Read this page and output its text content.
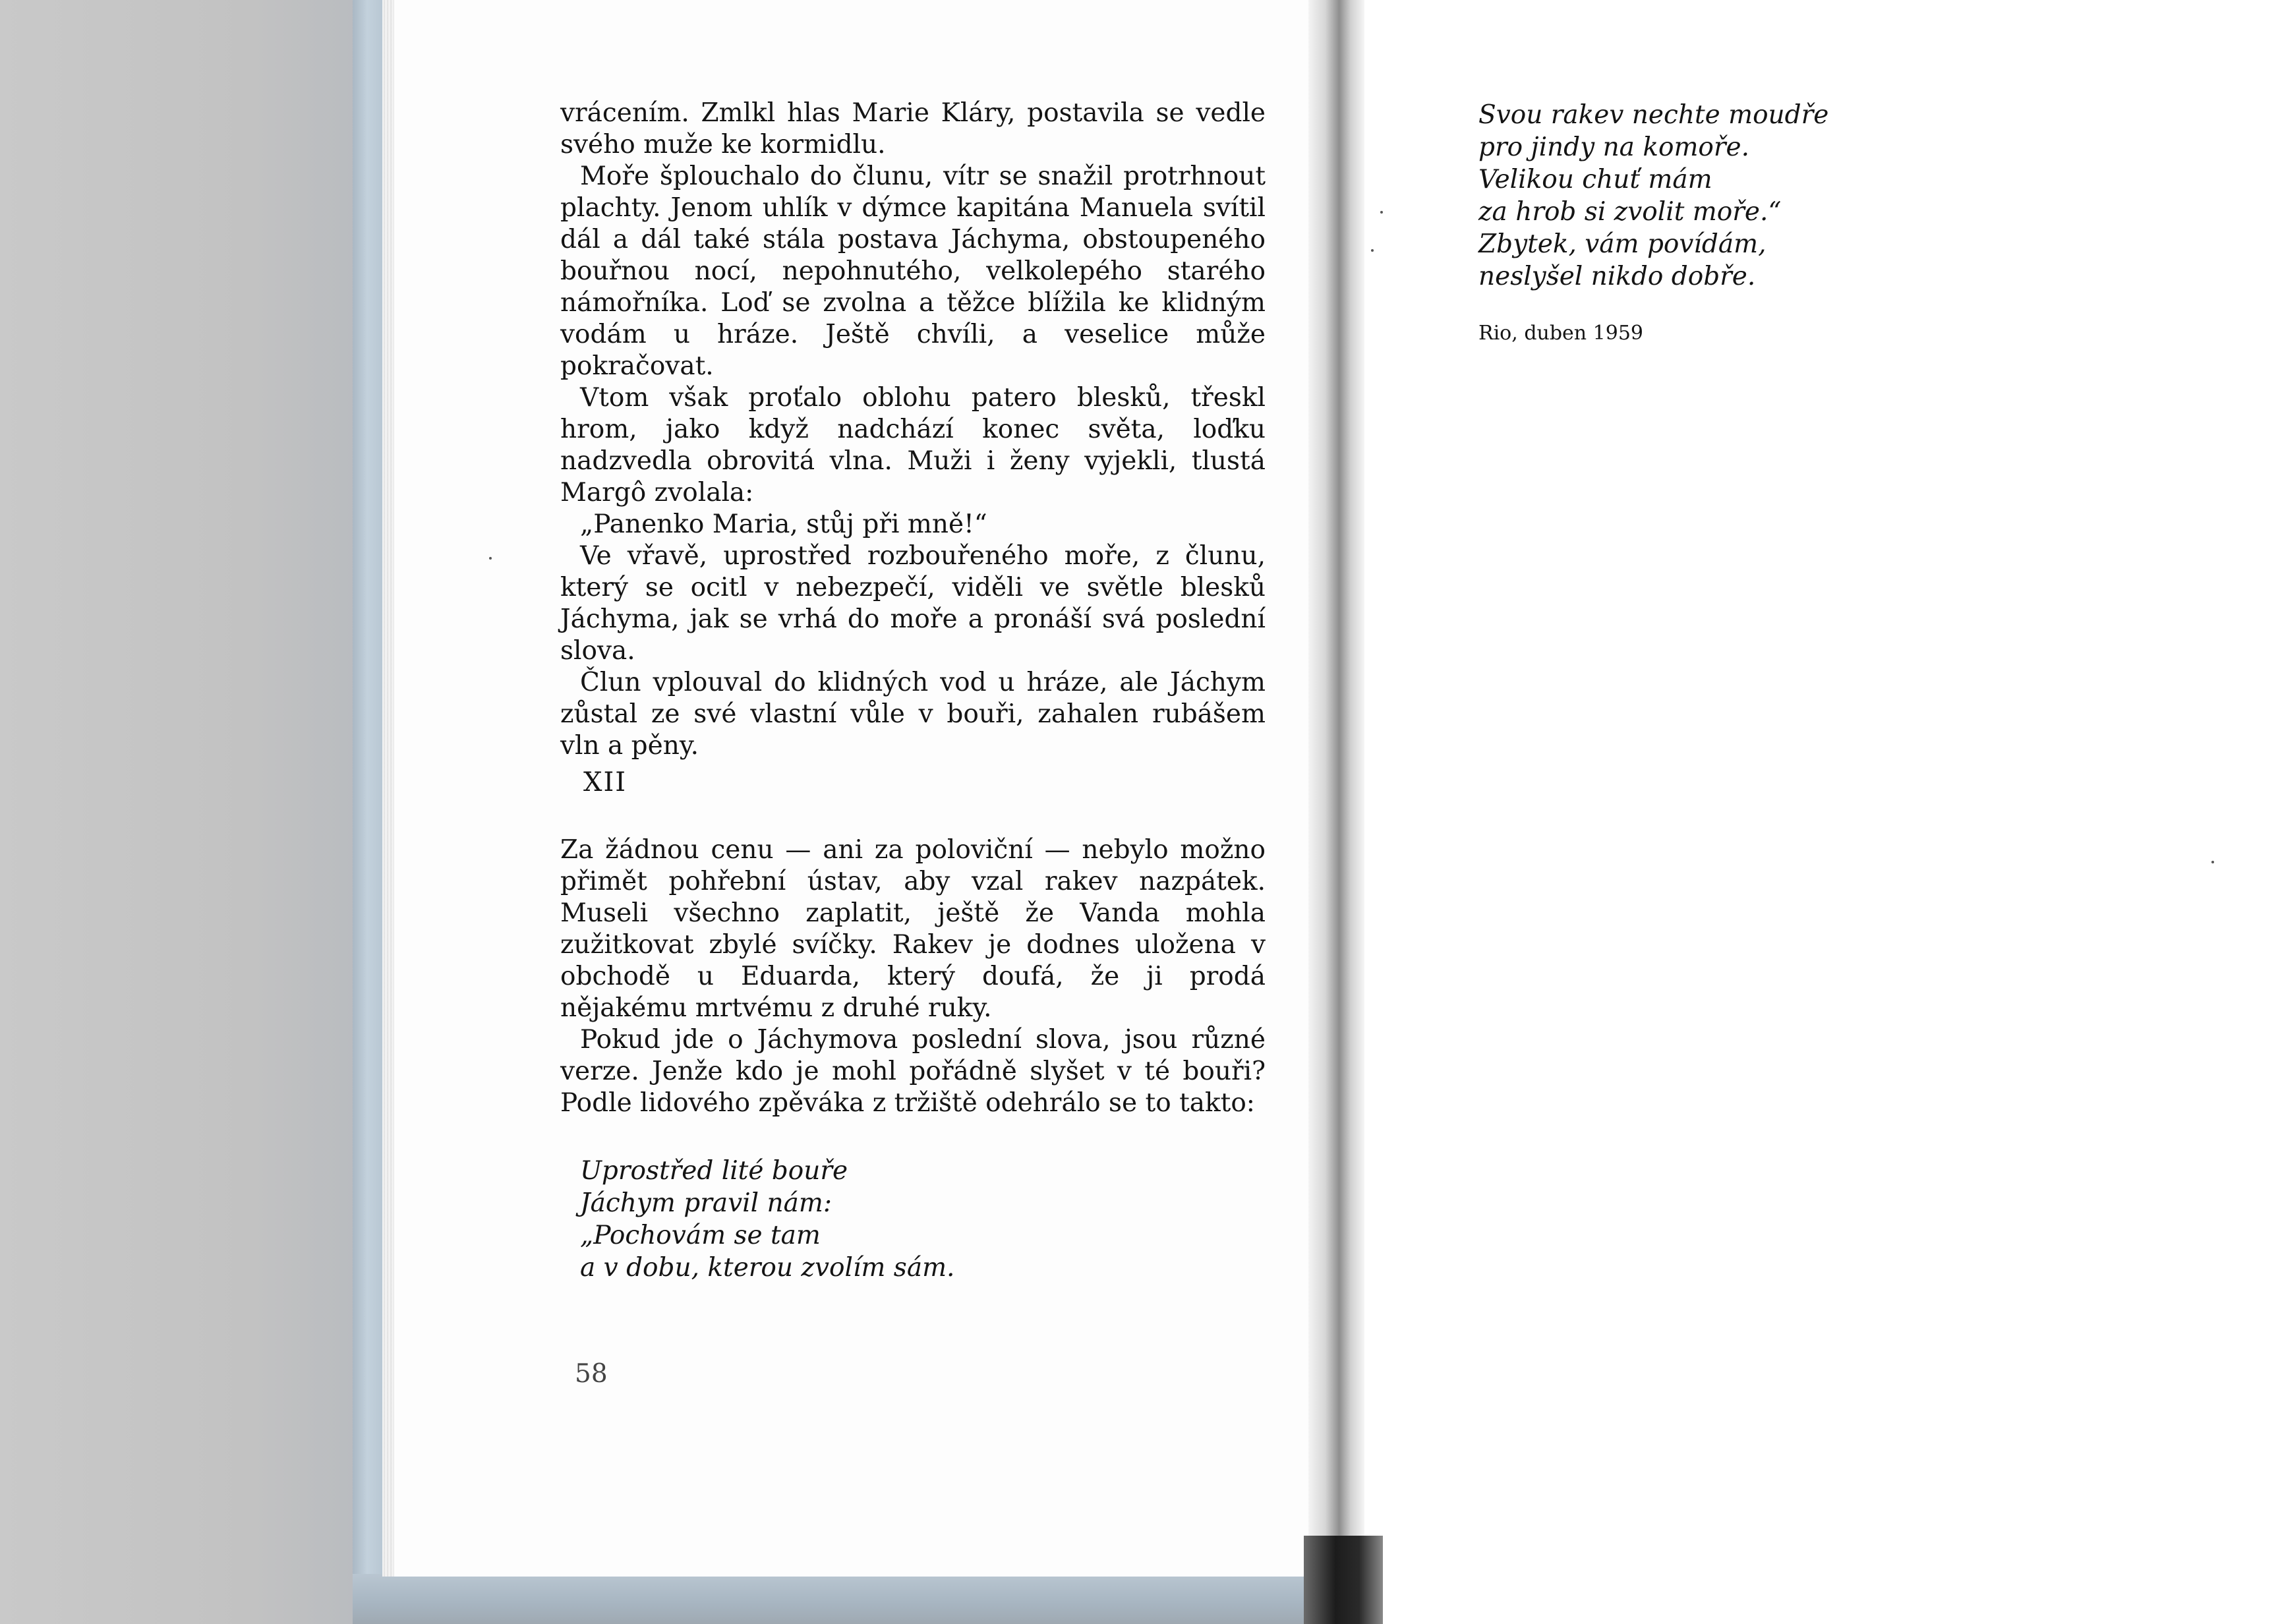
vrácením. Zmlkl hlas Marie Kláry, postavila se vedle svého muže ke kormidlu.

Moře šplouchalo do člunu, vítr se snažil protrhnout plachty. Jenom uhlík v dýmce kapitána Manuela svítil dál a dál také stála postava Jáchyma, obstoupeného bouřnou nocí, nepohnutého, velkolepého starého námořníka. Loď se zvolna a těžce blížila ke klidným vodám u hráze. Ještě chvíli, a veselice může pokračovat.

Vtom však proťalo oblohu patero blesků, třeskl hrom, jako když nadchází konec světa, loďku nadzvedla obrovitá vlna. Muži i ženy vyjekli, tlustá Margô zvolala:

„Panenko Maria, stůj při mně!“

Ve vřavě, uprostřed rozbouřeného moře, z člunu, který se ocitl v nebezpečí, viděli ve světle blesků Jáchyma, jak se vrhá do moře a pronáší svá poslední slova.

Člun vplouval do klidných vod u hráze, ale Jáchym zůstal ze své vlastní vůle v bouři, zahalen rubášem vln a pěny.

XII

Za žádnou cenu — ani za poloviční — nebylo možno přimět pohřební ústav, aby vzal rakev nazpátek. Museli všechno zaplatit, ještě že Vanda mohla zužitkovat zbylé svíčky. Rakev je dodnes uložena v obchodě u Eduarda, který doufá, že ji prodá nějakému mrtvému z druhé ruky.

Pokud jde o Jáchymova poslední slova, jsou různé verze. Jenže kdo je mohl pořádně slyšet v té bouři? Podle lidového zpěváka z tržiště odehrálo se to takto:

Uprostřed lité bouře
Jáchym pravil nám:
„Pochovám se tam
a v dobu, kterou zvolím sám.
58
Svou rakev nechte moudře
pro jindy na komoře.
Velikou chuť mám
za hrob si zvolit moře.“
Zbytek, vám povídám,
neslyšel nikdo dobře.
Rio, duben 1959
